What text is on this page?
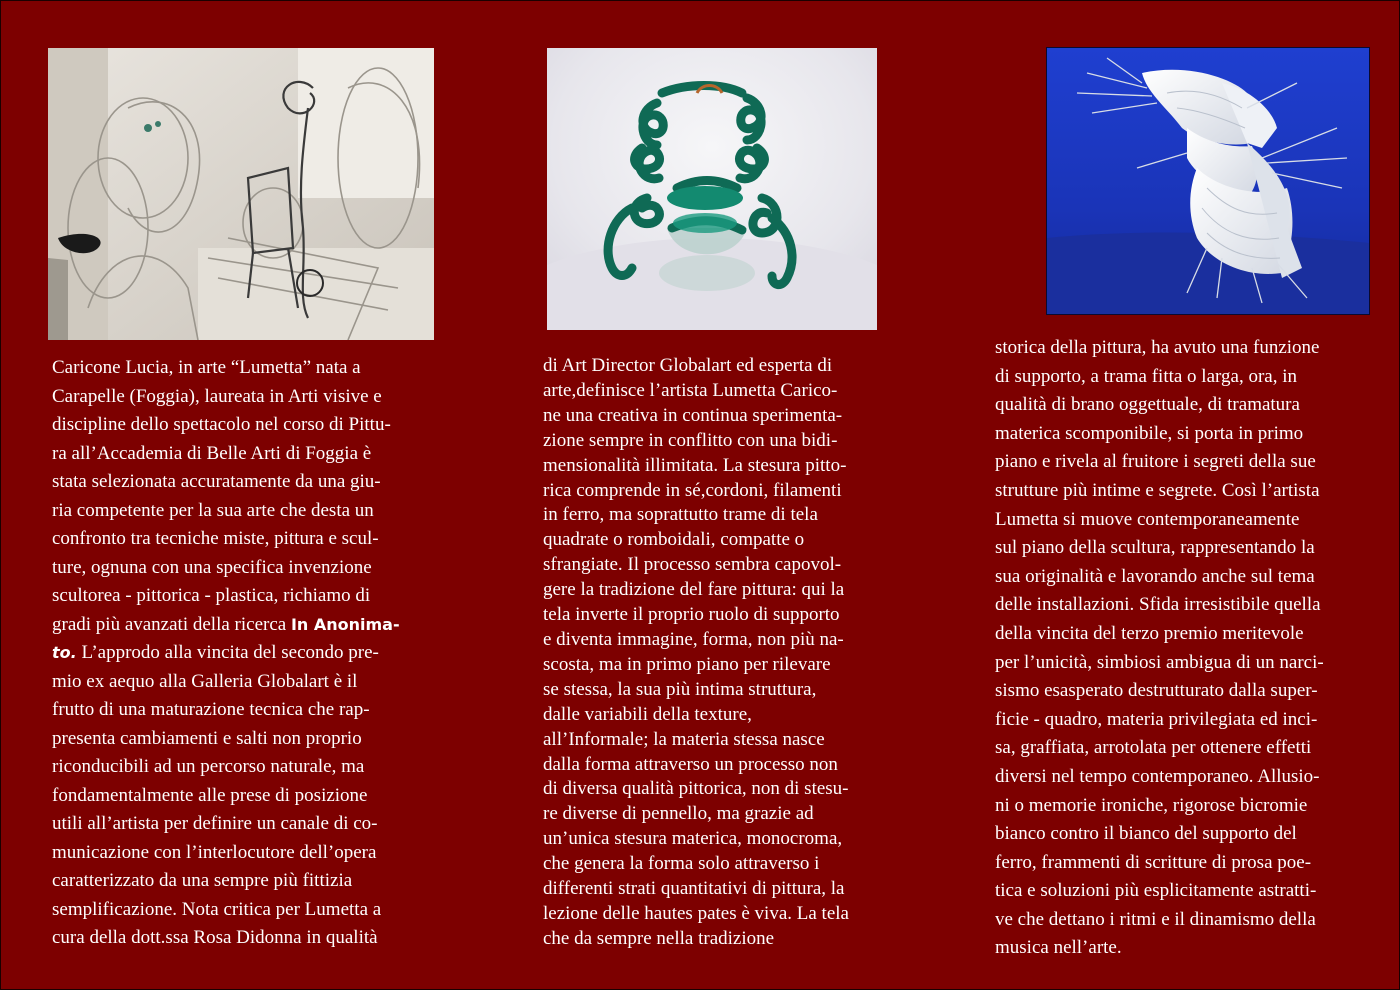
Caricone Lucia, in arte “Lumetta” nata a
Carapelle (Foggia), laureata in Arti visive e
discipline dello spettacolo nel corso di Pittu-
ra all’Accademia di Belle Arti di Foggia è
stata selezionata accuratamente da una giu-
ria competente per la sua arte che desta un
confronto tra tecniche miste, pittura e scul-
ture, ognuna con una specifica invenzione
scultorea - pittorica - plastica, richiamo di
gradi più avanzati della ricerca In Anonima-
to. L’approdo alla vincita del secondo pre-
mio ex aequo alla Galleria Globalart è il
frutto di una maturazione tecnica che rap-
presenta cambiamenti e salti non proprio
riconducibili ad un percorso naturale, ma
fondamentalmente alle prese di posizione
utili all’artista per definire un canale di co-
municazione con l’interlocutore dell’opera
caratterizzato da una sempre più fittizia
semplificazione. Nota critica per Lumetta a
cura della dott.ssa Rosa Didonna in qualità
di Art Director Globalart ed esperta di
arte,definisce l’artista Lumetta Carico-
ne una creativa in continua sperimenta-
zione sempre in conflitto con una bidi-
mensionalità illimitata. La stesura pitto-
rica comprende in sé,cordoni, filamenti
in ferro, ma soprattutto trame di tela
quadrate o romboidali, compatte o
sfrangiate. Il processo sembra capovol-
gere la tradizione del fare pittura: qui la
tela inverte il proprio ruolo di supporto
e diventa immagine, forma, non più na-
scosta, ma in primo piano per rilevare
se stessa, la sua più intima struttura,
dalle variabili della texture,
all’Informale; la materia stessa nasce
dalla forma attraverso un processo non
di diversa qualità pittorica, non di stesu-
re diverse di pennello, ma grazie ad
un’unica stesura materica, monocroma,
che genera la forma solo attraverso i
differenti strati quantitativi di pittura, la
lezione delle hautes pates è viva. La tela
che da sempre nella tradizione
storica della pittura, ha avuto una funzione
di supporto, a trama fitta o larga, ora, in
qualità di brano oggettuale, di tramatura
materica scomponibile, si porta in primo
piano e rivela al fruitore i segreti della sue
strutture più intime e segrete. Così l’artista
Lumetta si muove contemporaneamente
sul piano della scultura, rappresentando la
sua originalità e lavorando anche sul tema
delle installazioni. Sfida irresistibile quella
della vincita del terzo premio meritevole
per l’unicità, simbiosi ambigua di un narci-
sismo esasperato destrutturato dalla super-
ficie - quadro, materia privilegiata ed inci-
sa, graffiata, arrotolata per ottenere effetti
diversi nel tempo contemporaneo. Allusio-
ni o memorie ironiche, rigorose bicromie
bianco contro il bianco del supporto del
ferro, frammenti di scritture di prosa poe-
tica e soluzioni più esplicitamente astratti-
ve che dettano i ritmi e il dinamismo della
musica nell’arte.
